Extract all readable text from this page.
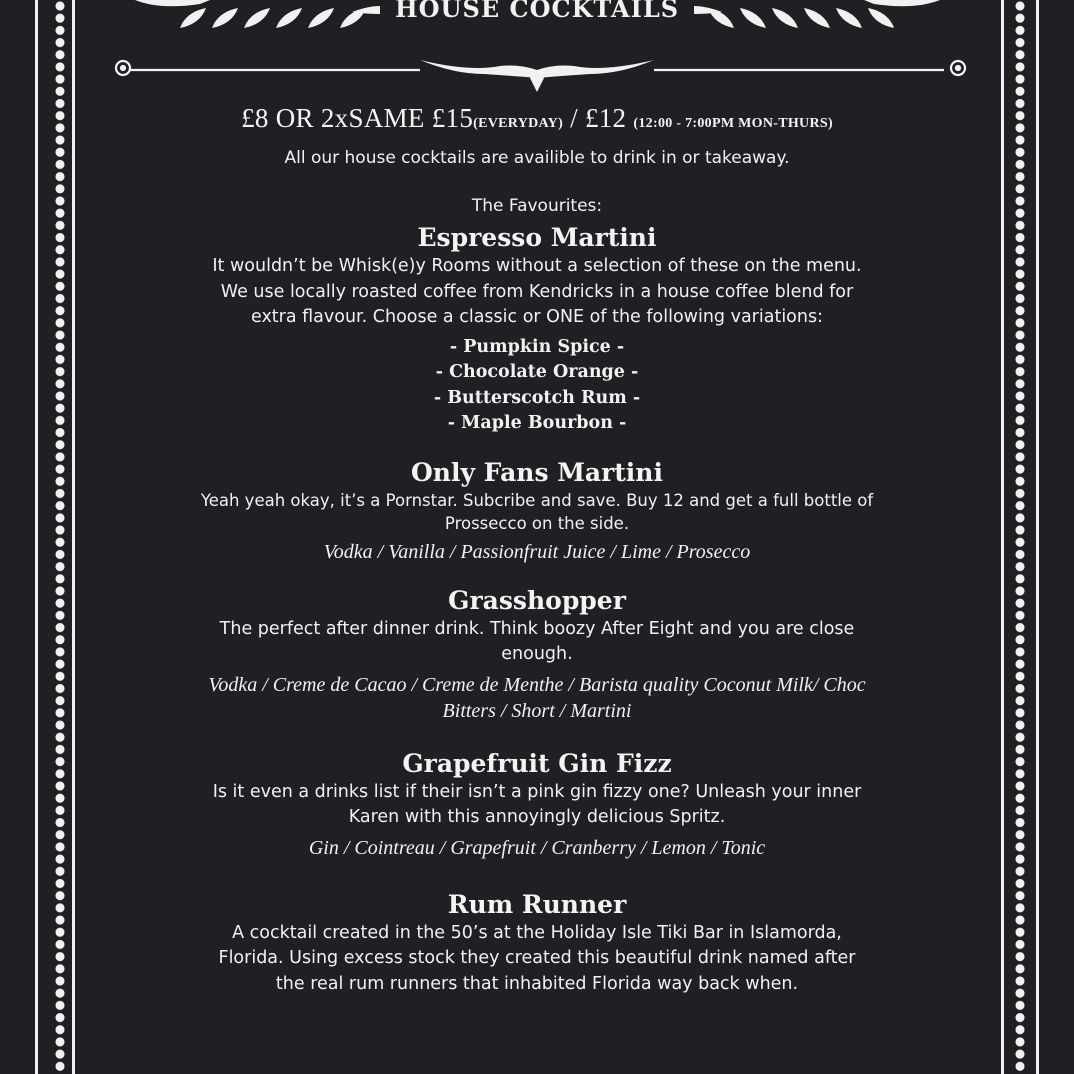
HOUSE COCKTAILS
£8 OR 2xSAME £15(EVERYDAY) / £12 (12:00 - 7:00PM MON-THURS)
All our house cocktails are availible to drink in or takeaway.
The Favourites:
Espresso Martini

It wouldn’t be Whisk(e)y Rooms without a selection of these on the menu.
We use locally roasted coffee from Kendricks in a house coffee blend for
extra flavour. Choose a classic or ONE of the following variations:

- Pumpkin Spice -
- Chocolate Orange -
- Butterscotch Rum -
- Maple Bourbon -
Only Fans Martini

Yeah yeah okay, it’s a Pornstar. Subcribe and save. Buy 12 and get a full bottle of
Prossecco on the side.

Vodka / Vanilla / Passionfruit Juice / Lime / Prosecco

Grasshopper

The perfect after dinner drink. Think boozy After Eight and you are close
enough.

Vodka / Creme de Cacao / Creme de Menthe / Barista quality Coconut Milk/ Choc
Bitters / Short / Martini

Grapefruit Gin Fizz

Is it even a drinks list if their isn’t a pink gin fizzy one? Unleash your inner
Karen with this annoyingly delicious Spritz.

Gin / Cointreau / Grapefruit / Cranberry / Lemon / Tonic

Rum Runner

A cocktail created in the 50’s at the Holiday Isle Tiki Bar in Islamorda,
Florida. Using excess stock they created this beautiful drink named after
the real rum runners that inhabited Florida way back when.
